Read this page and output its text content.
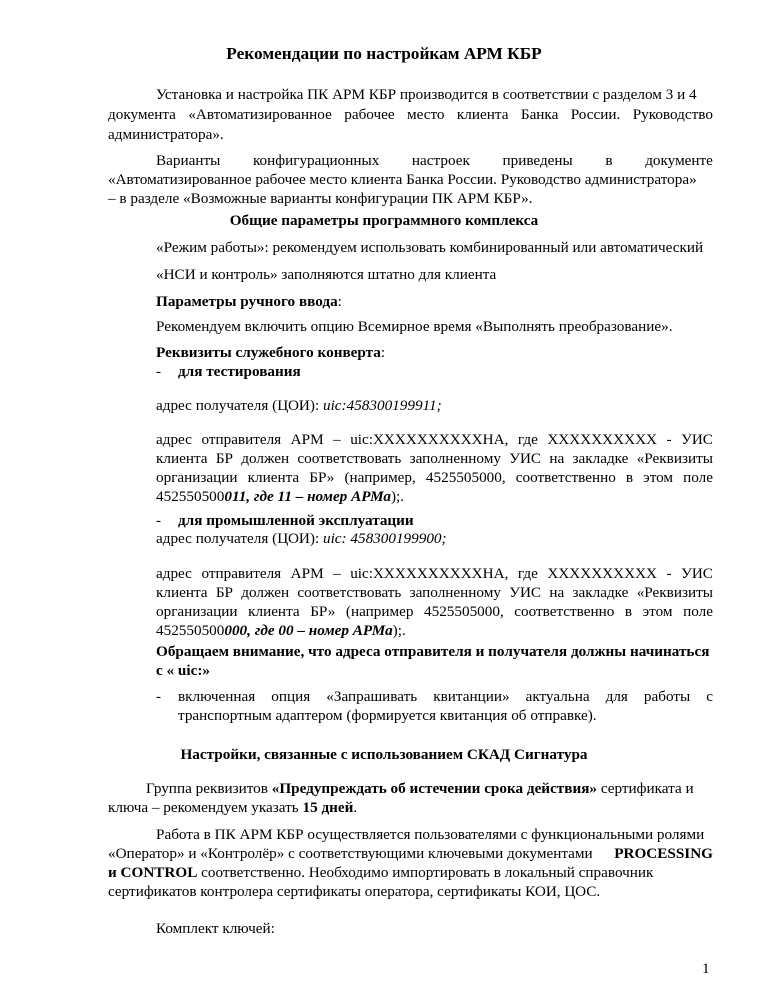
Рекомендации по настройкам АРМ КБР
Установка и настройка ПК АРМ КБР производится в соответствии с разделом 3 и 4
документа «Автоматизированное рабочее место клиента Банка России. Руководство
администратора».
Варианты конфигурационных настроек приведены в документе
«Автоматизированное рабочее место клиента Банка России. Руководство администратора»
– в разделе «Возможные варианты конфигурации ПК АРМ КБР».
Общие параметры программного комплекса
«Режим работы»: рекомендуем использовать комбинированный или автоматический
«НСИ и контроль» заполняются штатно для клиента
Параметры ручного ввода:
Рекомендуем включить опцию Всемирное время «Выполнять преобразование».
Реквизиты служебного конверта:
- для тестирования
адрес получателя (ЦОИ): uic:458300199911;
адрес отправителя АРМ – uic:XXXXXXXXXXHA, где XXXXXXXXXX - УИС
клиента БР должен соответствовать заполненному УИС на закладке «Реквизиты
организации клиента БР» (например, 4525505000, соответственно в этом поле
452550500011, где 11 – номер АРМа);.
- для промышленной эксплуатации
адрес получателя (ЦОИ): uic: 458300199900;
адрес отправителя АРМ – uic:XXXXXXXXXXHA, где XXXXXXXXXX - УИС
клиента БР должен соответствовать заполненному УИС на закладке «Реквизиты
организации клиента БР» (например 4525505000, соответственно в этом поле
452550500000, где 00 – номер АРМа);.
Обращаем внимание, что адреса отправителя и получателя должны начинаться
с « uic:»
- включенная опция «Запрашивать квитанции» актуальна для работы с
транспортным адаптером (формируется квитанция об отправке).
Настройки, связанные с использованием СКАД Сигнатура
Группа реквизитов «Предупреждать об истечении срока действия» сертификата и
ключа – рекомендуем указать 15 дней.
Работа в ПК АРМ КБР осуществляется пользователями с функциональными ролями
«Оператор» и «Контролёр» с соответствующими ключевыми документами PROCESSING
и CONTROL соответственно. Необходимо импортировать в локальный справочник
сертификатов контролера сертификаты оператора, сертификаты КОИ, ЦОС.
Комплект ключей:
1
